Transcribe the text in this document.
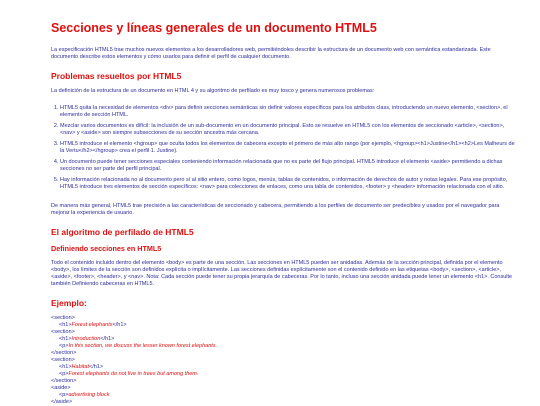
Secciones y líneas generales de un documento HTML5

La especificación HTML5 trae muchos nuevos elementos a los desarrolladores web, permitiéndoles describir la estructura de un documento web con semántica estandarizada. Este documento describe estos elementos y cómo usarlos para definir el perfil de cualquier documento.

Problemas resueltos por HTML5

La definición de la estructura de un documento en HTML 4 y su algoritmo de perfilado es muy tosco y genera numerosos problemas:

1. HTML5 quita la necesidad de elementos <div> para definir secciones semánticas sin definir valores específicos para los atributos class, introduciendo un nuevo elemento, <section>, el elemento de sección HTML.
2. Mezclar varios documentos es difícil: la inclusión de un sub-documento en un documento principal. Esto se resuelve en HTML5 con los elementos de seccionado <article>, <section>, <nav> y <aside> son siempre subsecciones de su sección ancestra más cercana.
3. HTML5 introduce el elemento <hgroup> que oculta todos los elementos de cabecera excepto el primero de más alto rango (por ejemplo, <hgroup><h1>Justine</h1><h2>Les Malheurs de la Vertu</h2></hgroup> crea el perfil 1. Justine).
4. Un documento puede tener secciones especiales conteniendo información relacionada que no es parte del flujo principal. HTML5 introduce el elemento <aside> permitiendo a dichas secciones no ser parte del perfil principal.
5. Hay información relacionada no al documento pero sí al sitio entero, como logos, menús, tablas de contenidos, o información de derechos de autor y notas legales. Para ese propósito, HTML5 introduce tres elementos de sección específicos: <nav> para colecciones de enlaces, como una tabla de contenidos, <footer> y <header> información relacionada con el sitio.

De manera más general, HTML5 trae precisión a las características de seccionado y cabecera, permitiendo a los perfiles de documento ser predecibles y usados por el navegador para mejorar la experiencia de usuario.

El algoritmo de perfilado de HTML5
Definiendo secciones en HTML5

Todo el contenido incluido dentro del elemento <body> es parte de una sección. Las secciones en HTML5 pueden ser anidadas. Además de la sección principal, definida por el elemento <body>, los límites de la sección son definidos explícita o implícitamente. Las secciones definidas explícitamente son el contenido definido en las etiquetas <body>, <section>, <article>, <aside>, <footer>, <header>, y <nav>. Nota: Cada sección puede tener su propia jerarquía de cabeceras. Por lo tanto, incluso una sección anidada puede tener un elemento <h1>. Consulte también Definiendo cabeceras en HTML5.

Ejemplo:
<section>
<h1>Forest elephants</h1>
<section>
<h1>Introduction</h1>
<p>In this section, we discuss the lesser known forest elephants.
</section>
<section>
<h1>Habitat</h1>
<p>Forest elephants do not live in trees but among them.
</section>
<aside>
<p>advertising block
</aside>
